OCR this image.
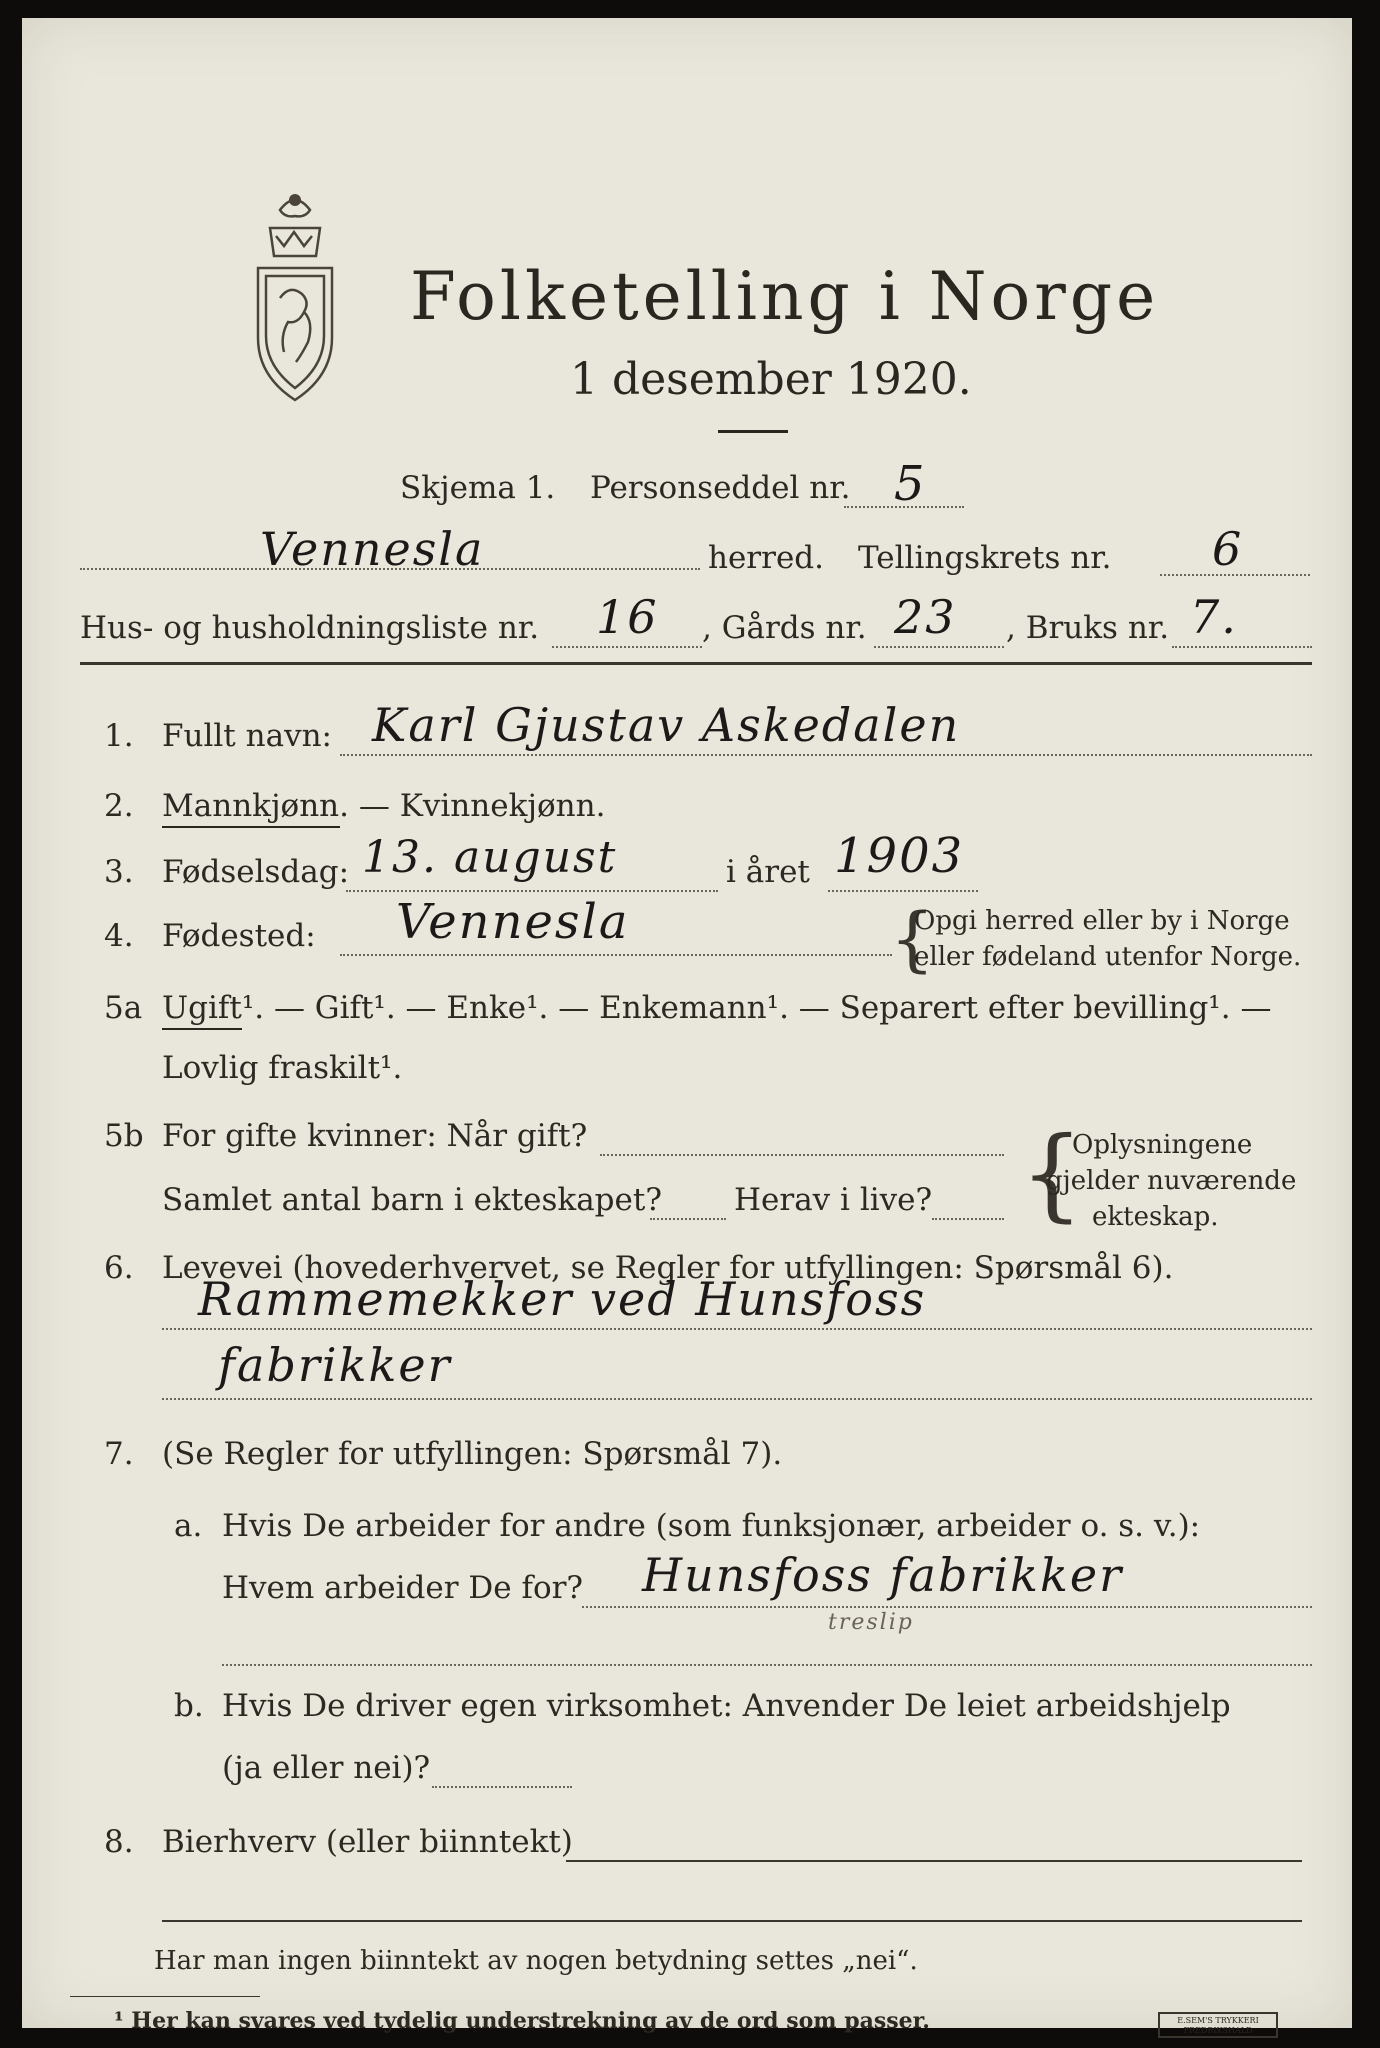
Folketelling i Norge
1 desember 1920.
Skjema 1. Personseddel nr. 5
Vennesla	herred. Tellingskrets nr. 6
Hus- og husholdningsliste nr. 16 , Gårds nr. 23 , Bruks nr. 7.
1. Fullt navn: Karl Gjustav Askedalen
2. Mannkjønn. — Kvinnekjønn.
3. Fødselsdag: 13. august	i året 1903
4. Fødested: Vennesla	{
Opgi herred eller by i Norge
eller fødeland utenfor Norge.
5a Ugift¹. — Gift¹. — Enke¹. — Enkemann¹. — Separert efter bevilling¹. —
Lovlig fraskilt¹.
5b For gifte kvinner: Når gift?
Samlet antal barn i ekteskapet? Herav i live? {
Oplysningene
gjelder nuværende
ekteskap.
6. Levevei (hovederhvervet, se Regler for utfyllingen: Spørsmål 6).
Rammemekker ved Hunsfoss
fabrikker
7. (Se Regler for utfyllingen: Spørsmål 7).
a. Hvis De arbeider for andre (som funksjonær, arbeider o. s. v.):
Hvem arbeider De for? Hunsfoss fabrikker
treslip
b. Hvis De driver egen virksomhet: Anvender De leiet arbeidshjelp
(ja eller nei)?
8. Bierhverv (eller biinntekt)
Har man ingen biinntekt av nogen betydning settes „nei“.
¹ Her kan svares ved tydelig understrekning av de ord som passer.	E.SEM'S TRYKKERI
FREDRIKSHALD
